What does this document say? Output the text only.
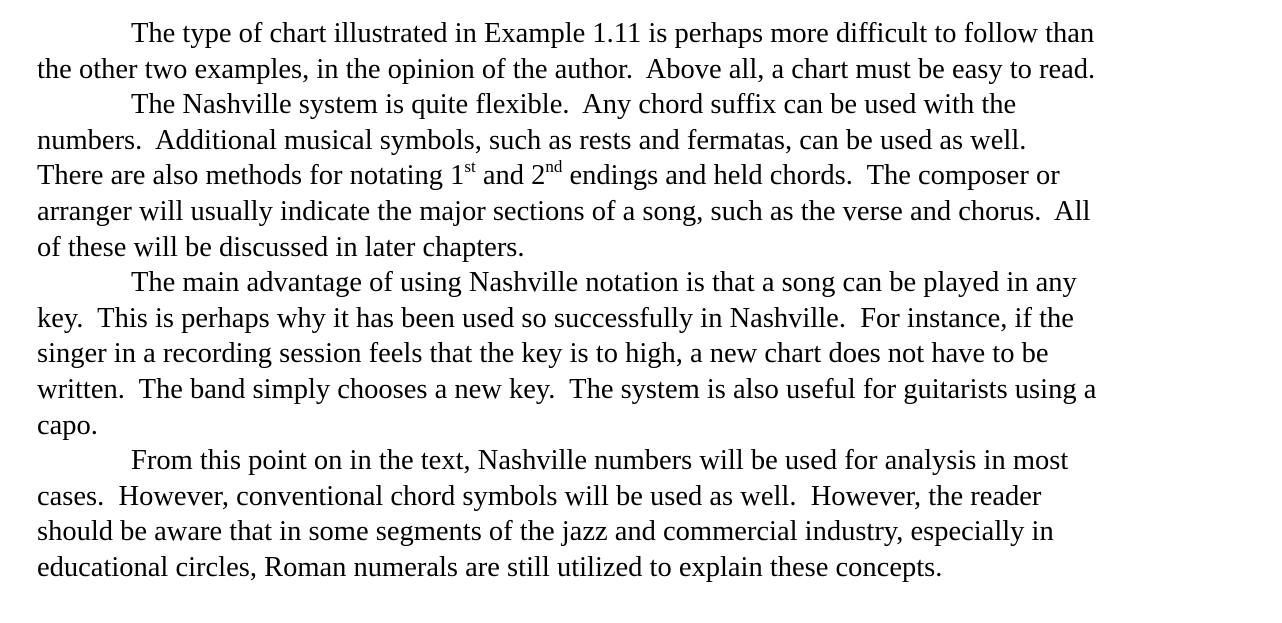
The type of chart illustrated in Example 1.11 is perhaps more difficult to follow than
the other two examples, in the opinion of the author.  Above all, a chart must be easy to read.
The Nashville system is quite flexible.  Any chord suffix can be used with the
numbers.  Additional musical symbols, such as rests and fermatas, can be used as well.
There are also methods for notating 1st and 2nd endings and held chords.  The composer or
arranger will usually indicate the major sections of a song, such as the verse and chorus.  All
of these will be discussed in later chapters.
The main advantage of using Nashville notation is that a song can be played in any
key.  This is perhaps why it has been used so successfully in Nashville.  For instance, if the
singer in a recording session feels that the key is to high, a new chart does not have to be
written.  The band simply chooses a new key.  The system is also useful for guitarists using a
capo.
From this point on in the text, Nashville numbers will be used for analysis in most
cases.  However, conventional chord symbols will be used as well.  However, the reader
should be aware that in some segments of the jazz and commercial industry, especially in
educational circles, Roman numerals are still utilized to explain these concepts.
